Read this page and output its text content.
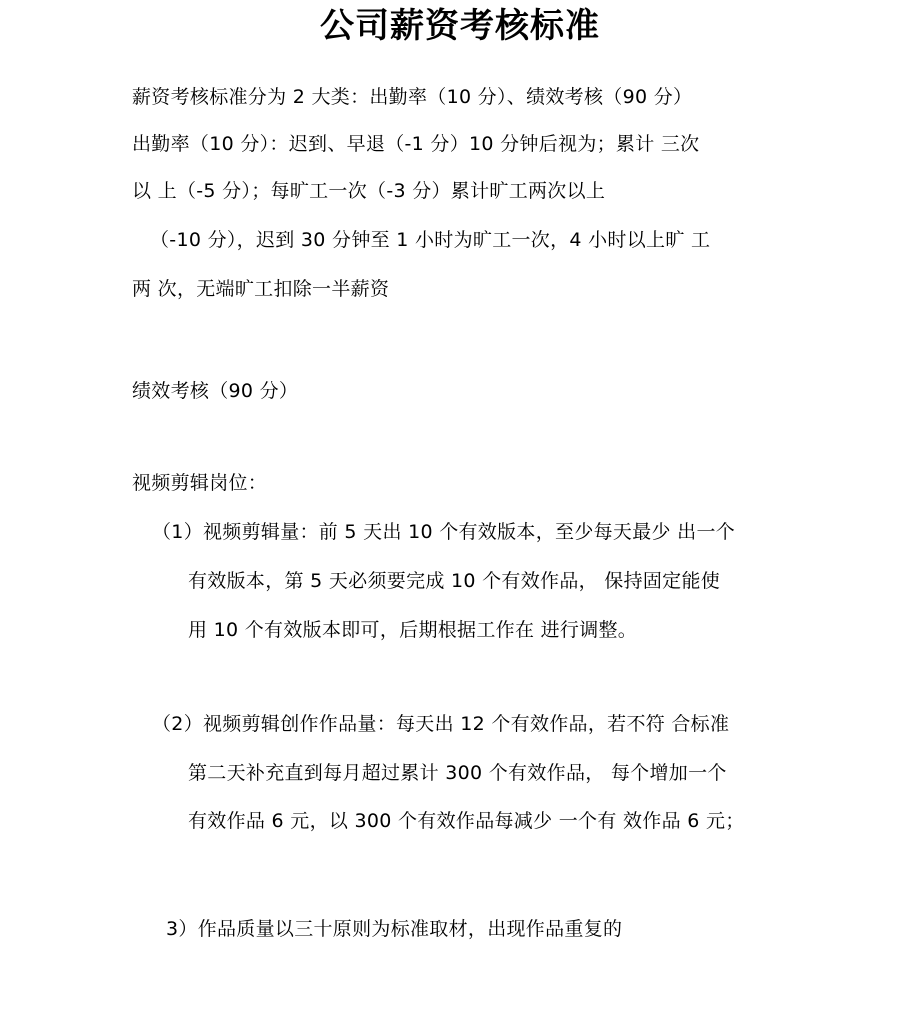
公司薪资考核标准
薪资考核标准分为 2 大类：出勤率（10 分）、绩效考核（90 分）
出勤率（10 分）：迟到、早退（-1 分）10 分钟后视为；累计 三次
以 上（-5 分）；每旷工一次（-3 分）累计旷工两次以上
（-10 分），迟到 30 分钟至 1 小时为旷工一次，4 小时以上旷 工
两 次，无端旷工扣除一半薪资
绩效考核（90 分）
视频剪辑岗位：
（1）视频剪辑量：前 5 天出 10 个有效版本，至少每天最少 出一个
有效版本，第 5 天必须要完成 10 个有效作品， 保持固定能使
用 10 个有效版本即可，后期根据工作在 进行调整。
（2）视频剪辑创作作品量：每天出 12 个有效作品，若不符 合标准
第二天补充直到每月超过累计 300 个有效作品， 每个增加一个
有效作品 6 元，以 300 个有效作品每减少 一个有 效作品 6 元；
3）作品质量以三十原则为标准取材，出现作品重复的
